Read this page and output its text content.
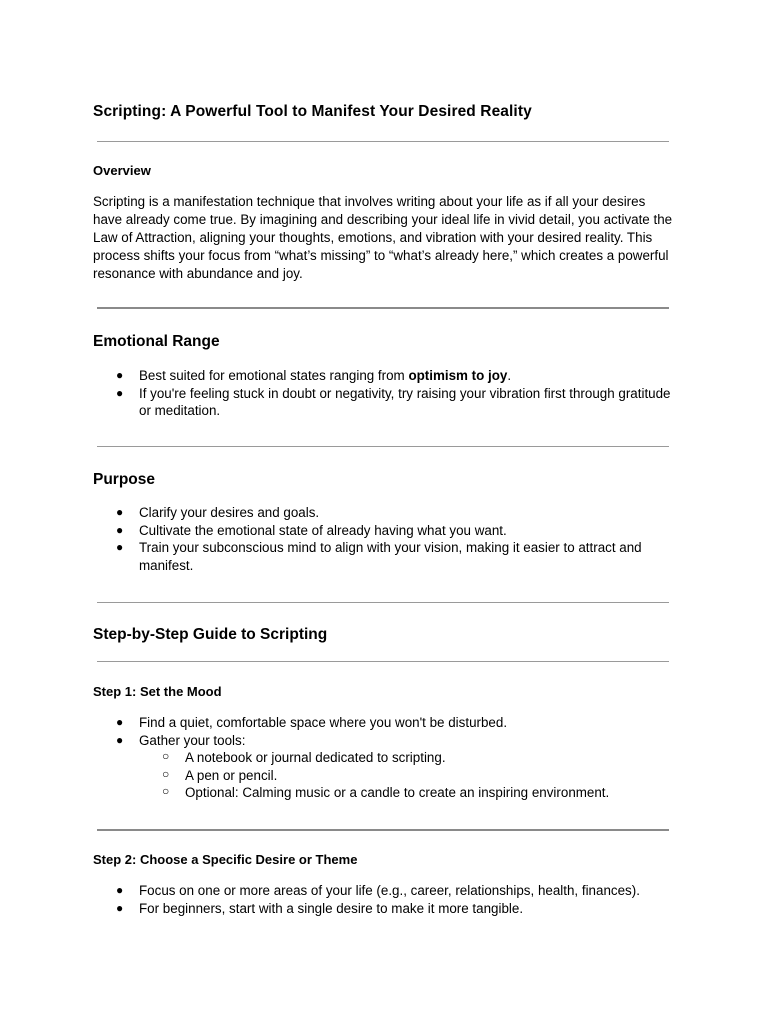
Scripting: A Powerful Tool to Manifest Your Desired Reality
Overview

Scripting is a manifestation technique that involves writing about your life as if all your desires have already come true. By imagining and describing your ideal life in vivid detail, you activate the Law of Attraction, aligning your thoughts, emotions, and vibration with your desired reality. This process shifts your focus from “what’s missing” to “what’s already here,” which creates a powerful resonance with abundance and joy.

Emotional Range
● Best suited for emotional states ranging from optimism to joy.
● If you're feeling stuck in doubt or negativity, try raising your vibration first through gratitude or meditation.
Purpose
● Clarify your desires and goals.
● Cultivate the emotional state of already having what you want.
● Train your subconscious mind to align with your vision, making it easier to attract and manifest.
Step-by-Step Guide to Scripting
Step 1: Set the Mood
● Find a quiet, comfortable space where you won't be disturbed.
● Gather your tools:
○ A notebook or journal dedicated to scripting.
○ A pen or pencil.
○ Optional: Calming music or a candle to create an inspiring environment.
Step 2: Choose a Specific Desire or Theme
● Focus on one or more areas of your life (e.g., career, relationships, health, finances).
● For beginners, start with a single desire to make it more tangible.
